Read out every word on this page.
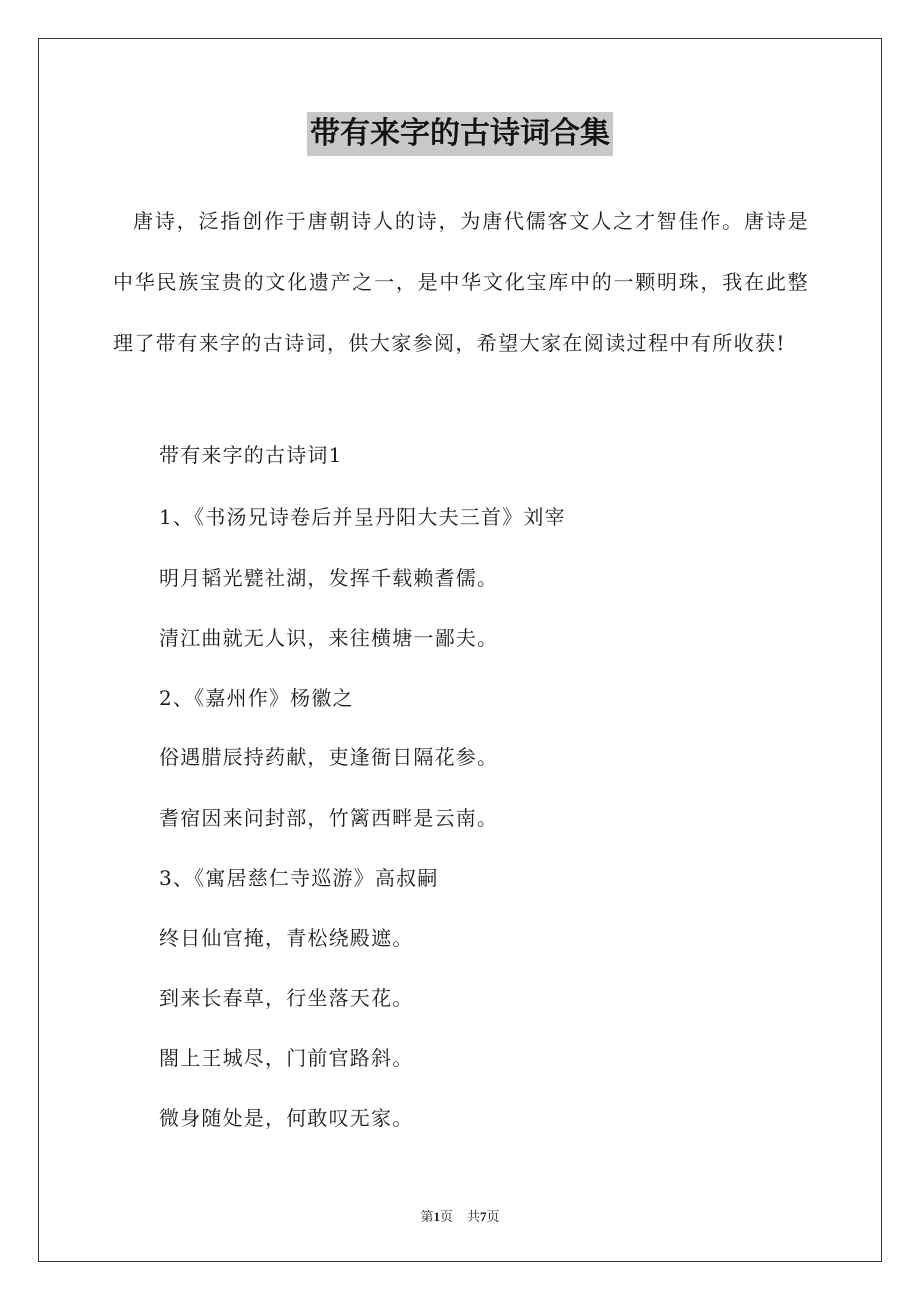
带有来字的古诗词合集

唐诗，泛指创作于唐朝诗人的诗，为唐代儒客文人之才智佳作。唐诗是中华民族宝贵的文化遗产之一，是中华文化宝库中的一颗明珠，我在此整理了带有来字的古诗词，供大家参阅，希望大家在阅读过程中有所收获!

带有来字的古诗词1

1、《书汤兄诗卷后并呈丹阳大夫三首》刘宰

明月韬光甓社湖，发挥千载赖耆儒。

清江曲就无人识，来往横塘一鄙夫。

2、《嘉州作》杨徽之

俗遇腊辰持药献，吏逢衙日隔花参。

耆宿因来问封部，竹篱西畔是云南。

3、《寓居慈仁寺巡游》高叔嗣

终日仙官掩，青松绕殿遮。

到来长春草，行坐落天花。

閤上王城尽，门前官路斜。

微身随处是，何敢叹无家。

第1页 共7页
